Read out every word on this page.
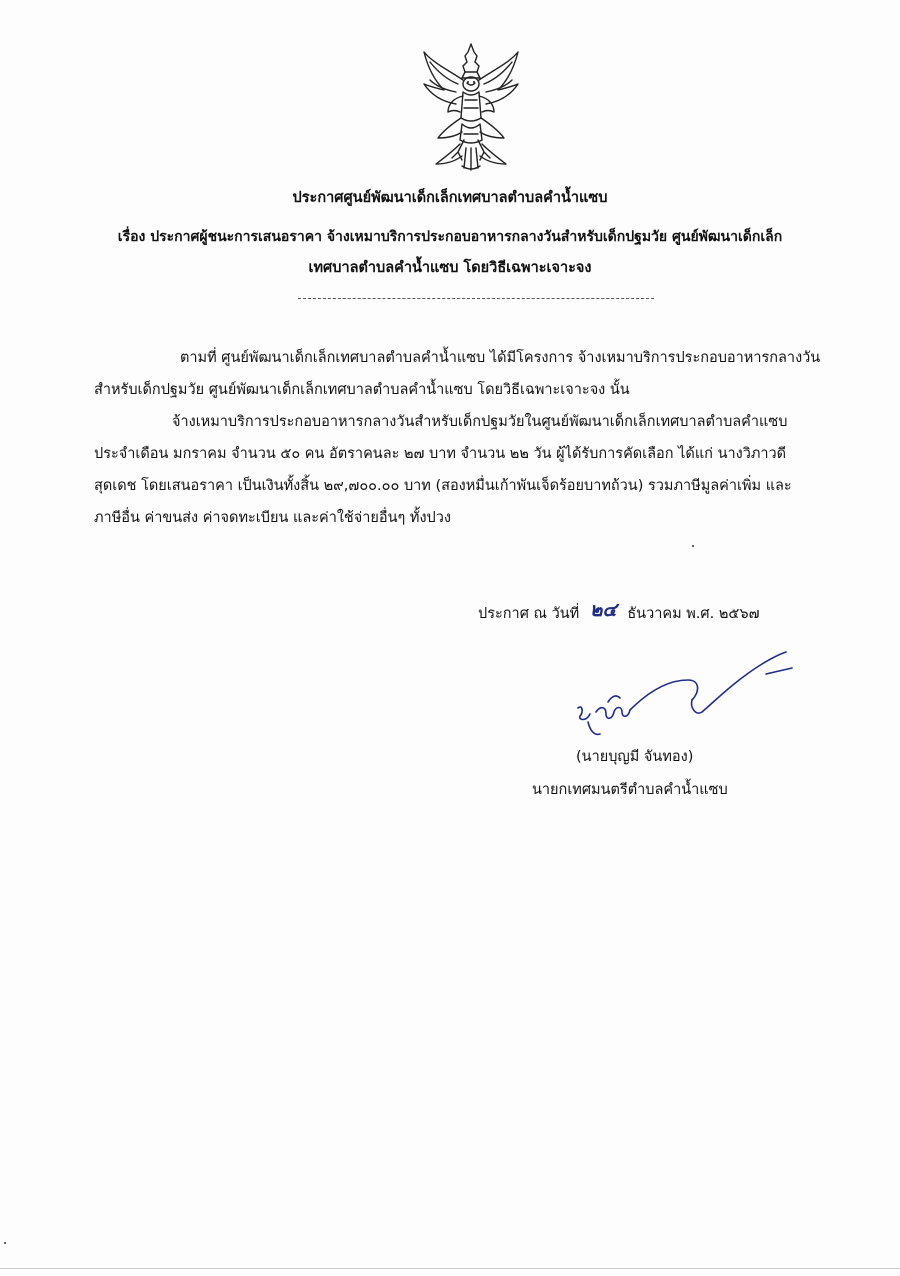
ประกาศศูนย์พัฒนาเด็กเล็กเทศบาลตำบลคำน้ำแซบ
เรื่อง ประกาศผู้ชนะการเสนอราคา จ้างเหมาบริการประกอบอาหารกลางวันสำหรับเด็กปฐมวัย ศูนย์พัฒนาเด็กเล็ก
เทศบาลตำบลคำน้ำแซบ โดยวิธีเฉพาะเจาะจง
ตามที่ ศูนย์พัฒนาเด็กเล็กเทศบาลตำบลคำน้ำแซบ ได้มีโครงการ จ้างเหมาบริการประกอบอาหารกลางวัน
สำหรับเด็กปฐมวัย ศูนย์พัฒนาเด็กเล็กเทศบาลตำบลคำน้ำแซบ โดยวิธีเฉพาะเจาะจง นั้น
จ้างเหมาบริการประกอบอาหารกลางวันสำหรับเด็กปฐมวัยในศูนย์พัฒนาเด็กเล็กเทศบาลตำบลคำแซบ
ประจำเดือน มกราคม จำนวน ๕๐ คน อัตราคนละ ๒๗ บาท จำนวน ๒๒ วัน ผู้ได้รับการคัดเลือก ได้แก่ นางวิภาวดี
สุดเดช โดยเสนอราคา เป็นเงินทั้งสิ้น ๒๙,๗๐๐.๐๐ บาท (สองหมื่นเก้าพันเจ็ดร้อยบาทถ้วน) รวมภาษีมูลค่าเพิ่ม และ
ภาษีอื่น ค่าขนส่ง ค่าจดทะเบียน และค่าใช้จ่ายอื่นๆ ทั้งปวง
ประกาศ ณ วันที่ ๒๔ ธันวาคม พ.ศ. ๒๕๖๗
(นายบุญมี จันทอง)
นายกเทศมนตรีตำบลคำน้ำแซบ
